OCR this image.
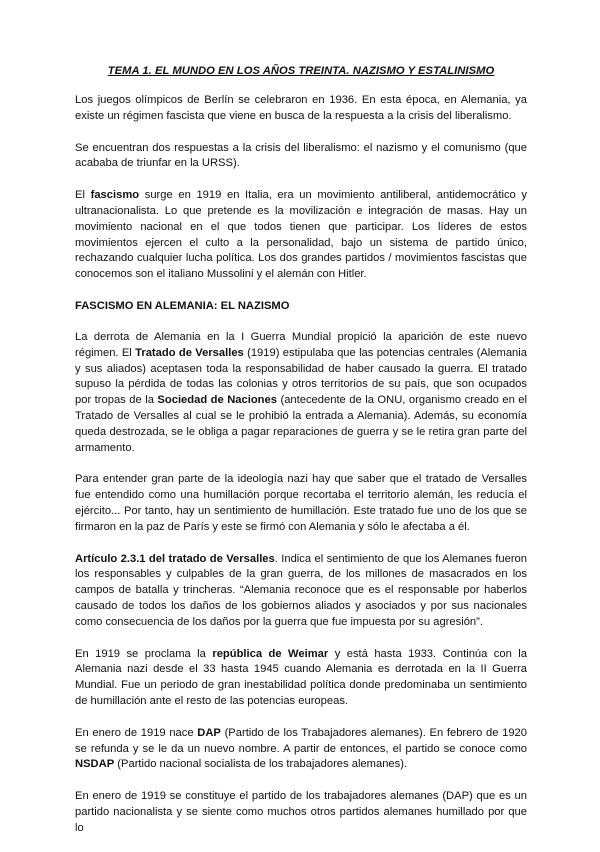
TEMA 1. EL MUNDO EN LOS AÑOS TREINTA. NAZISMO Y ESTALINISMO

Los juegos olímpicos de Berlín se celebraron en 1936. En esta época, en Alemania, ya existe un régimen fascista que viene en busca de la respuesta a la crisis del liberalismo.

Se encuentran dos respuestas a la crisis del liberalismo: el nazismo y el comunismo (que acababa de triunfar en la URSS).

El fascismo surge en 1919 en Italia, era un movimiento antiliberal, antidemocrático y ultranacionalista. Lo que pretende es la movilización e integración de masas. Hay un movimiento nacional en el que todos tienen que participar. Los líderes de estos movimientos ejercen el culto a la personalidad, bajo un sistema de partido único, rechazando cualquier lucha política. Los dos grandes partidos / movimientos fascistas que conocemos son el italiano Mussolini y el alemán con Hitler.

FASCISMO EN ALEMANIA: EL NAZISMO

La derrota de Alemania en la I Guerra Mundial propició la aparición de este nuevo régimen. El Tratado de Versalles (1919) estipulaba que las potencias centrales (Alemania y sus aliados) aceptasen toda la responsabilidad de haber causado la guerra. El tratado supuso la pérdida de todas las colonias y otros territorios de su país, que son ocupados por tropas de la Sociedad de Naciones (antecedente de la ONU, organismo creado en el Tratado de Versalles al cual se le prohibió la entrada a Alemania). Además, su economía queda destrozada, se le obliga a pagar reparaciones de guerra y se le retira gran parte del armamento.

Para entender gran parte de la ideología nazi hay que saber que el tratado de Versalles fue entendido como una humillación porque recortaba el territorio alemán, les reducía el ejército... Por tanto, hay un sentimiento de humillación. Este tratado fue uno de los que se firmaron en la paz de París y este se firmó con Alemania y sólo le afectaba a él.

Artículo 2.3.1 del tratado de Versalles. Indica el sentimiento de que los Alemanes fueron los responsables y culpables de la gran guerra, de los millones de masacrados en los campos de batalla y trincheras. “Alemania reconoce que es el responsable por haberlos causado de todos los daños de los gobiernos aliados y asociados y por sus nacionales como consecuencia de los daños por la guerra que fue impuesta por su agresión”.

En 1919 se proclama la república de Weimar y está hasta 1933. Continúa con la Alemania nazi desde el 33 hasta 1945 cuando Alemania es derrotada en la II Guerra Mundial. Fue un periodo de gran inestabilidad política donde predominaba un sentimiento de humillación ante el resto de las potencias europeas.

En enero de 1919 nace DAP (Partido de los Trabajadores alemanes). En febrero de 1920 se refunda y se le da un nuevo nombre. A partir de entonces, el partido se conoce como NSDAP (Partido nacional socialista de los trabajadores alemanes).

En enero de 1919 se constituye el partido de los trabajadores alemanes (DAP) que es un partido nacionalista y se siente como muchos otros partidos alemanes humillado por que lo
